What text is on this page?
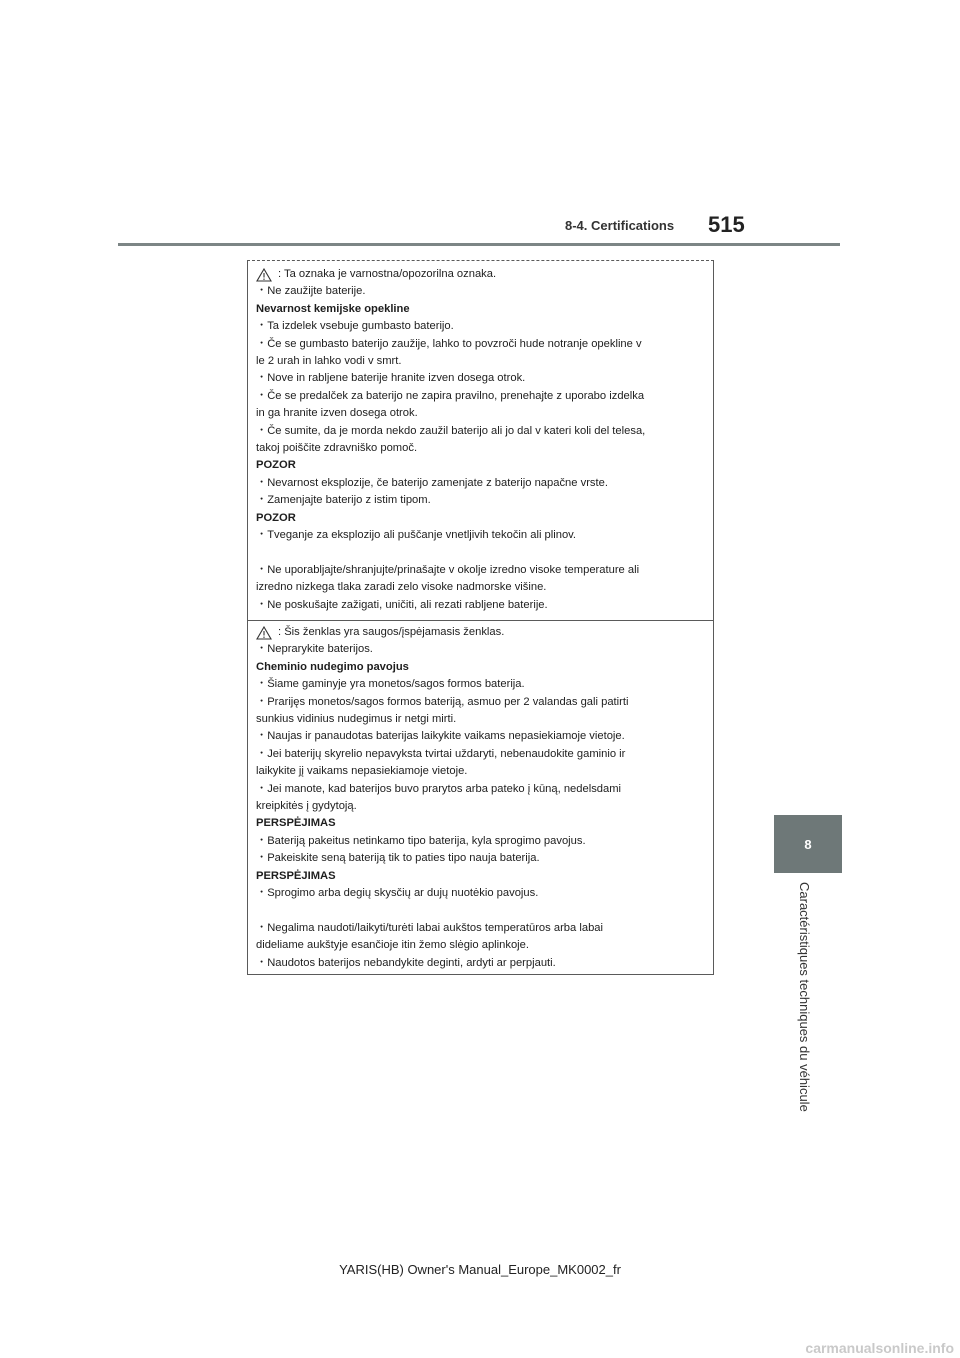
8-4. Certifications 515
8
Caractéristiques techniques du véhicule
: Ta oznaka je varnostna/opozorilna oznaka.
・Ne zaužijte baterije.
Nevarnost kemijske opekline
・Ta izdelek vsebuje gumbasto baterijo.
・Če se gumbasto baterijo zaužije, lahko to povzroči hude notranje opekline v
le 2 urah in lahko vodi v smrt.
・Nove in rabljene baterije hranite izven dosega otrok.
・Če se predalček za baterijo ne zapira pravilno, prenehajte z uporabo izdelka
in ga hranite izven dosega otrok.
・Če sumite, da je morda nekdo zaužil baterijo ali jo dal v kateri koli del telesa,
takoj poiščite zdravniško pomoč.
POZOR
・Nevarnost eksplozije, če baterijo zamenjate z baterijo napačne vrste.
・Zamenjajte baterijo z istim tipom.
POZOR
・Tveganje za eksplozijo ali puščanje vnetljivih tekočin ali plinov.
・Ne uporabljajte/shranjujte/prinašajte v okolje izredno visoke temperature ali
izredno nizkega tlaka zaradi zelo visoke nadmorske višine.
・Ne poskušajte zažigati, uničiti, ali rezati rabljene baterije.
: Šis ženklas yra saugos/įspėjamasis ženklas.
・Neprarykite baterijos.
Cheminio nudegimo pavojus
・Šiame gaminyje yra monetos/sagos formos baterija.
・Prarijęs monetos/sagos formos bateriją, asmuo per 2 valandas gali patirti
sunkius vidinius nudegimus ir netgi mirti.
・Naujas ir panaudotas baterijas laikykite vaikams nepasiekiamoje vietoje.
・Jei baterijų skyrelio nepavyksta tvirtai uždaryti, nebenaudokite gaminio ir
laikykite jį vaikams nepasiekiamoje vietoje.
・Jei manote, kad baterijos buvo prarytos arba pateko į kūną, nedelsdami
kreipkitės į gydytoją.
PERSPĖJIMAS
・Bateriją pakeitus netinkamo tipo baterija, kyla sprogimo pavojus.
・Pakeiskite seną bateriją tik to paties tipo nauja baterija.
PERSPĖJIMAS
・Sprogimo arba degių skysčių ar dujų nuotėkio pavojus.
・Negalima naudoti/laikyti/turėti labai aukštos temperatūros arba labai
dideliame aukštyje esančioje itin žemo slėgio aplinkoje.
・Naudotos baterijos nebandykite deginti, ardyti ar perpjauti.
YARIS(HB) Owner's Manual_Europe_MK0002_fr
carmanualsonline.info
